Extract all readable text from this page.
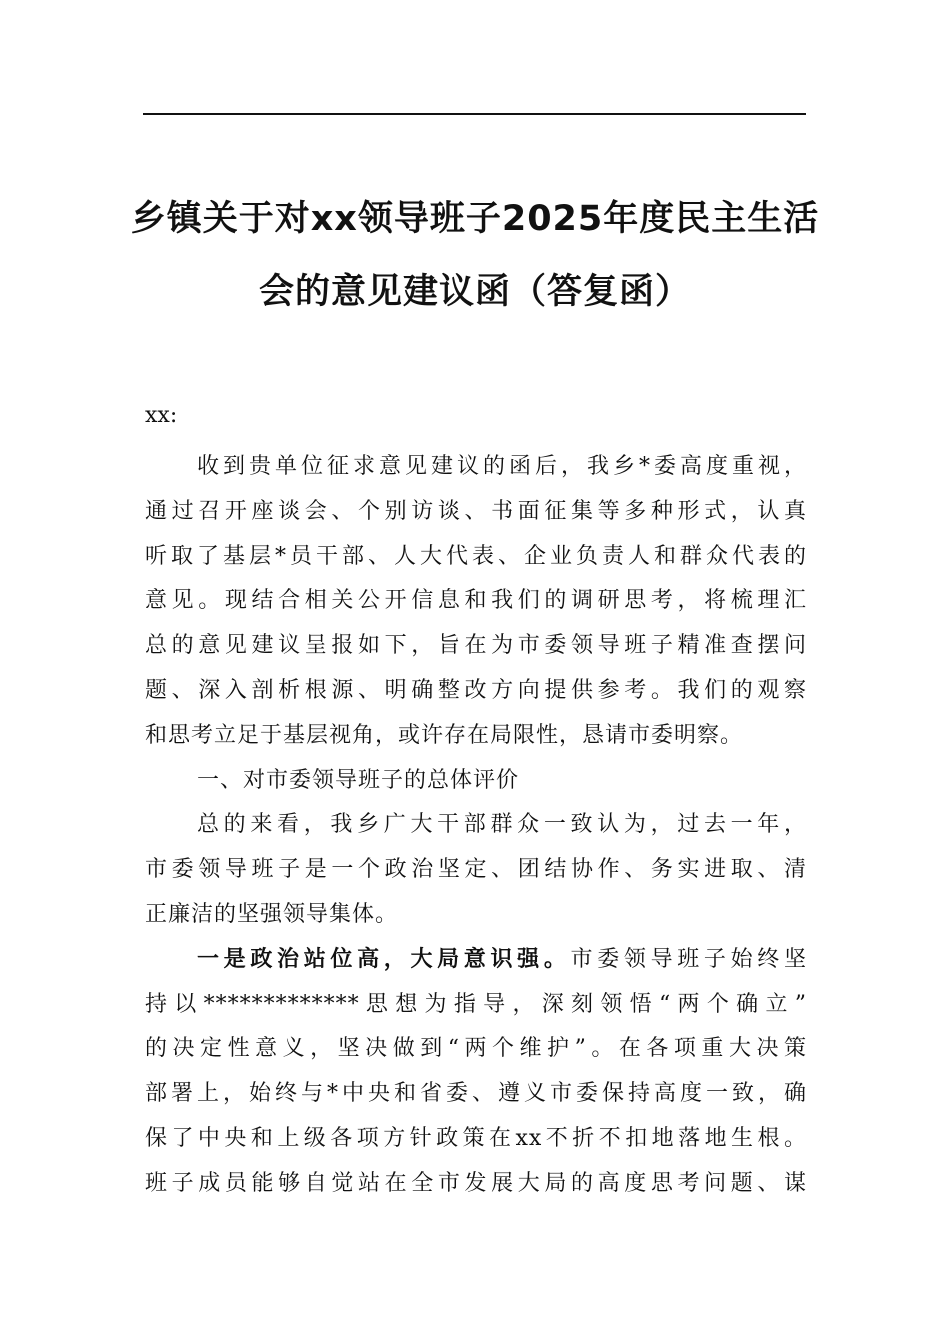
乡镇关于对xx领导班子2025年度民主生活
会的意见建议函（答复函）
xx:
收到贵单位征求意见建议的函后，我乡*委高度重视，
通过召开座谈会、个别访谈、书面征集等多种形式，认真
听取了基层*员干部、人大代表、企业负责人和群众代表的
意见。现结合相关公开信息和我们的调研思考，将梳理汇
总的意见建议呈报如下，旨在为市委领导班子精准查摆问
题、深入剖析根源、明确整改方向提供参考。我们的观察
和思考立足于基层视角，或许存在局限性，恳请市委明察。
一、对市委领导班子的总体评价
总的来看，我乡广大干部群众一致认为，过去一年，
市委领导班子是一个政治坚定、团结协作、务实进取、清
正廉洁的坚强领导集体。
一是政治站位高，大局意识强。市委领导班子始终坚
持以*************思想为指导，深刻领悟“两个确立”
的决定性意义，坚决做到“两个维护”。在各项重大决策
部署上，始终与*中央和省委、遵义市委保持高度一致，确
保了中央和上级各项方针政策在xx不折不扣地落地生根。
班子成员能够自觉站在全市发展大局的高度思考问题、谋
